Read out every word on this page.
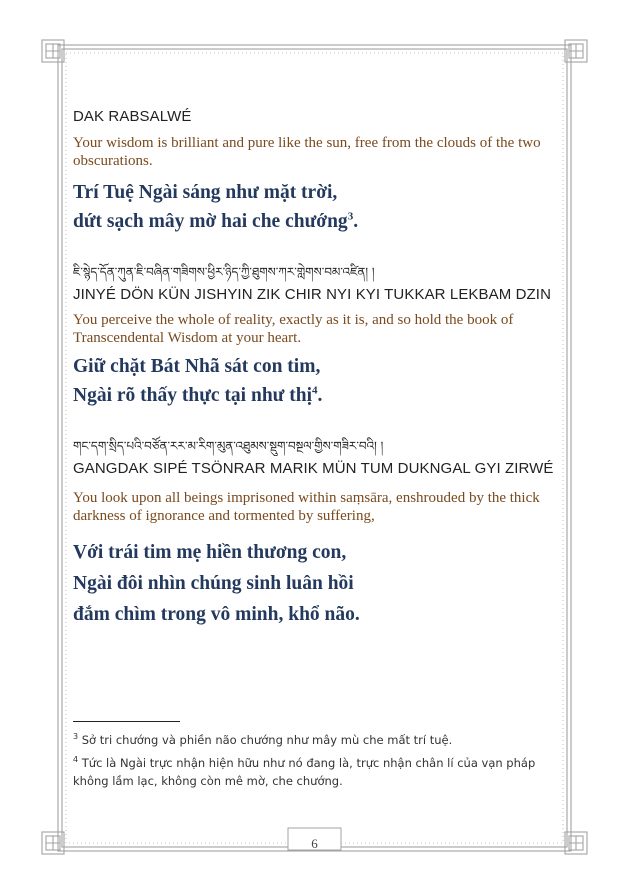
DAK RABSALWÉ
Your wisdom is brilliant and pure like the sun, free from the clouds of the two obscurations.
Trí Tuệ Ngài sáng như mặt trời,
dứt sạch mây mờ hai che chướng$^3$.
ཇི་སྙེད་དོན་ཀུན་ཇི་བཞིན་གཟིགས་ཕྱིར་ཉིད་ཀྱི་ཐུགས་ཀར་གླེགས་བམ་འཛིན། །
JINYÉ DÖN KÜN JISHYIN ZIK CHIR NYI KYI TUKKAR LEKBAM DZIN
You perceive the whole of reality, exactly as it is, and so hold the book of Transcendental Wisdom at your heart.
Giữ chặt Bát Nhã sát con tim,
Ngài rõ thấy thực tại như thị$^4$.
གང་དག་སྲིད་པའི་བཙོན་རར་མ་རིག་མུན་འཐུམས་སྡུག་བསྔལ་གྱིས་གཟིར་བའི། །
GANGDAK SIPÉ TSÖNRAR MARIK MÜN TUM DUKNGAL GYI ZIRWÉ
You look upon all beings imprisoned within saṃsāra, enshrouded by the thick darkness of ignorance and tormented by suffering,
Với trái tim mẹ hiền thương con,
Ngài đôi nhìn chúng sinh luân hồi
đắm chìm trong vô minh, khổ não.
$^3$ Sở tri chướng và phiền não chướng như mây mù che mất trí tuệ.
$^4$ Tức là Ngài trực nhận hiện hữu như nó đang là, trực nhận chân lí của vạn pháp không lầm lạc, không còn mê mờ, che chướng.
6
